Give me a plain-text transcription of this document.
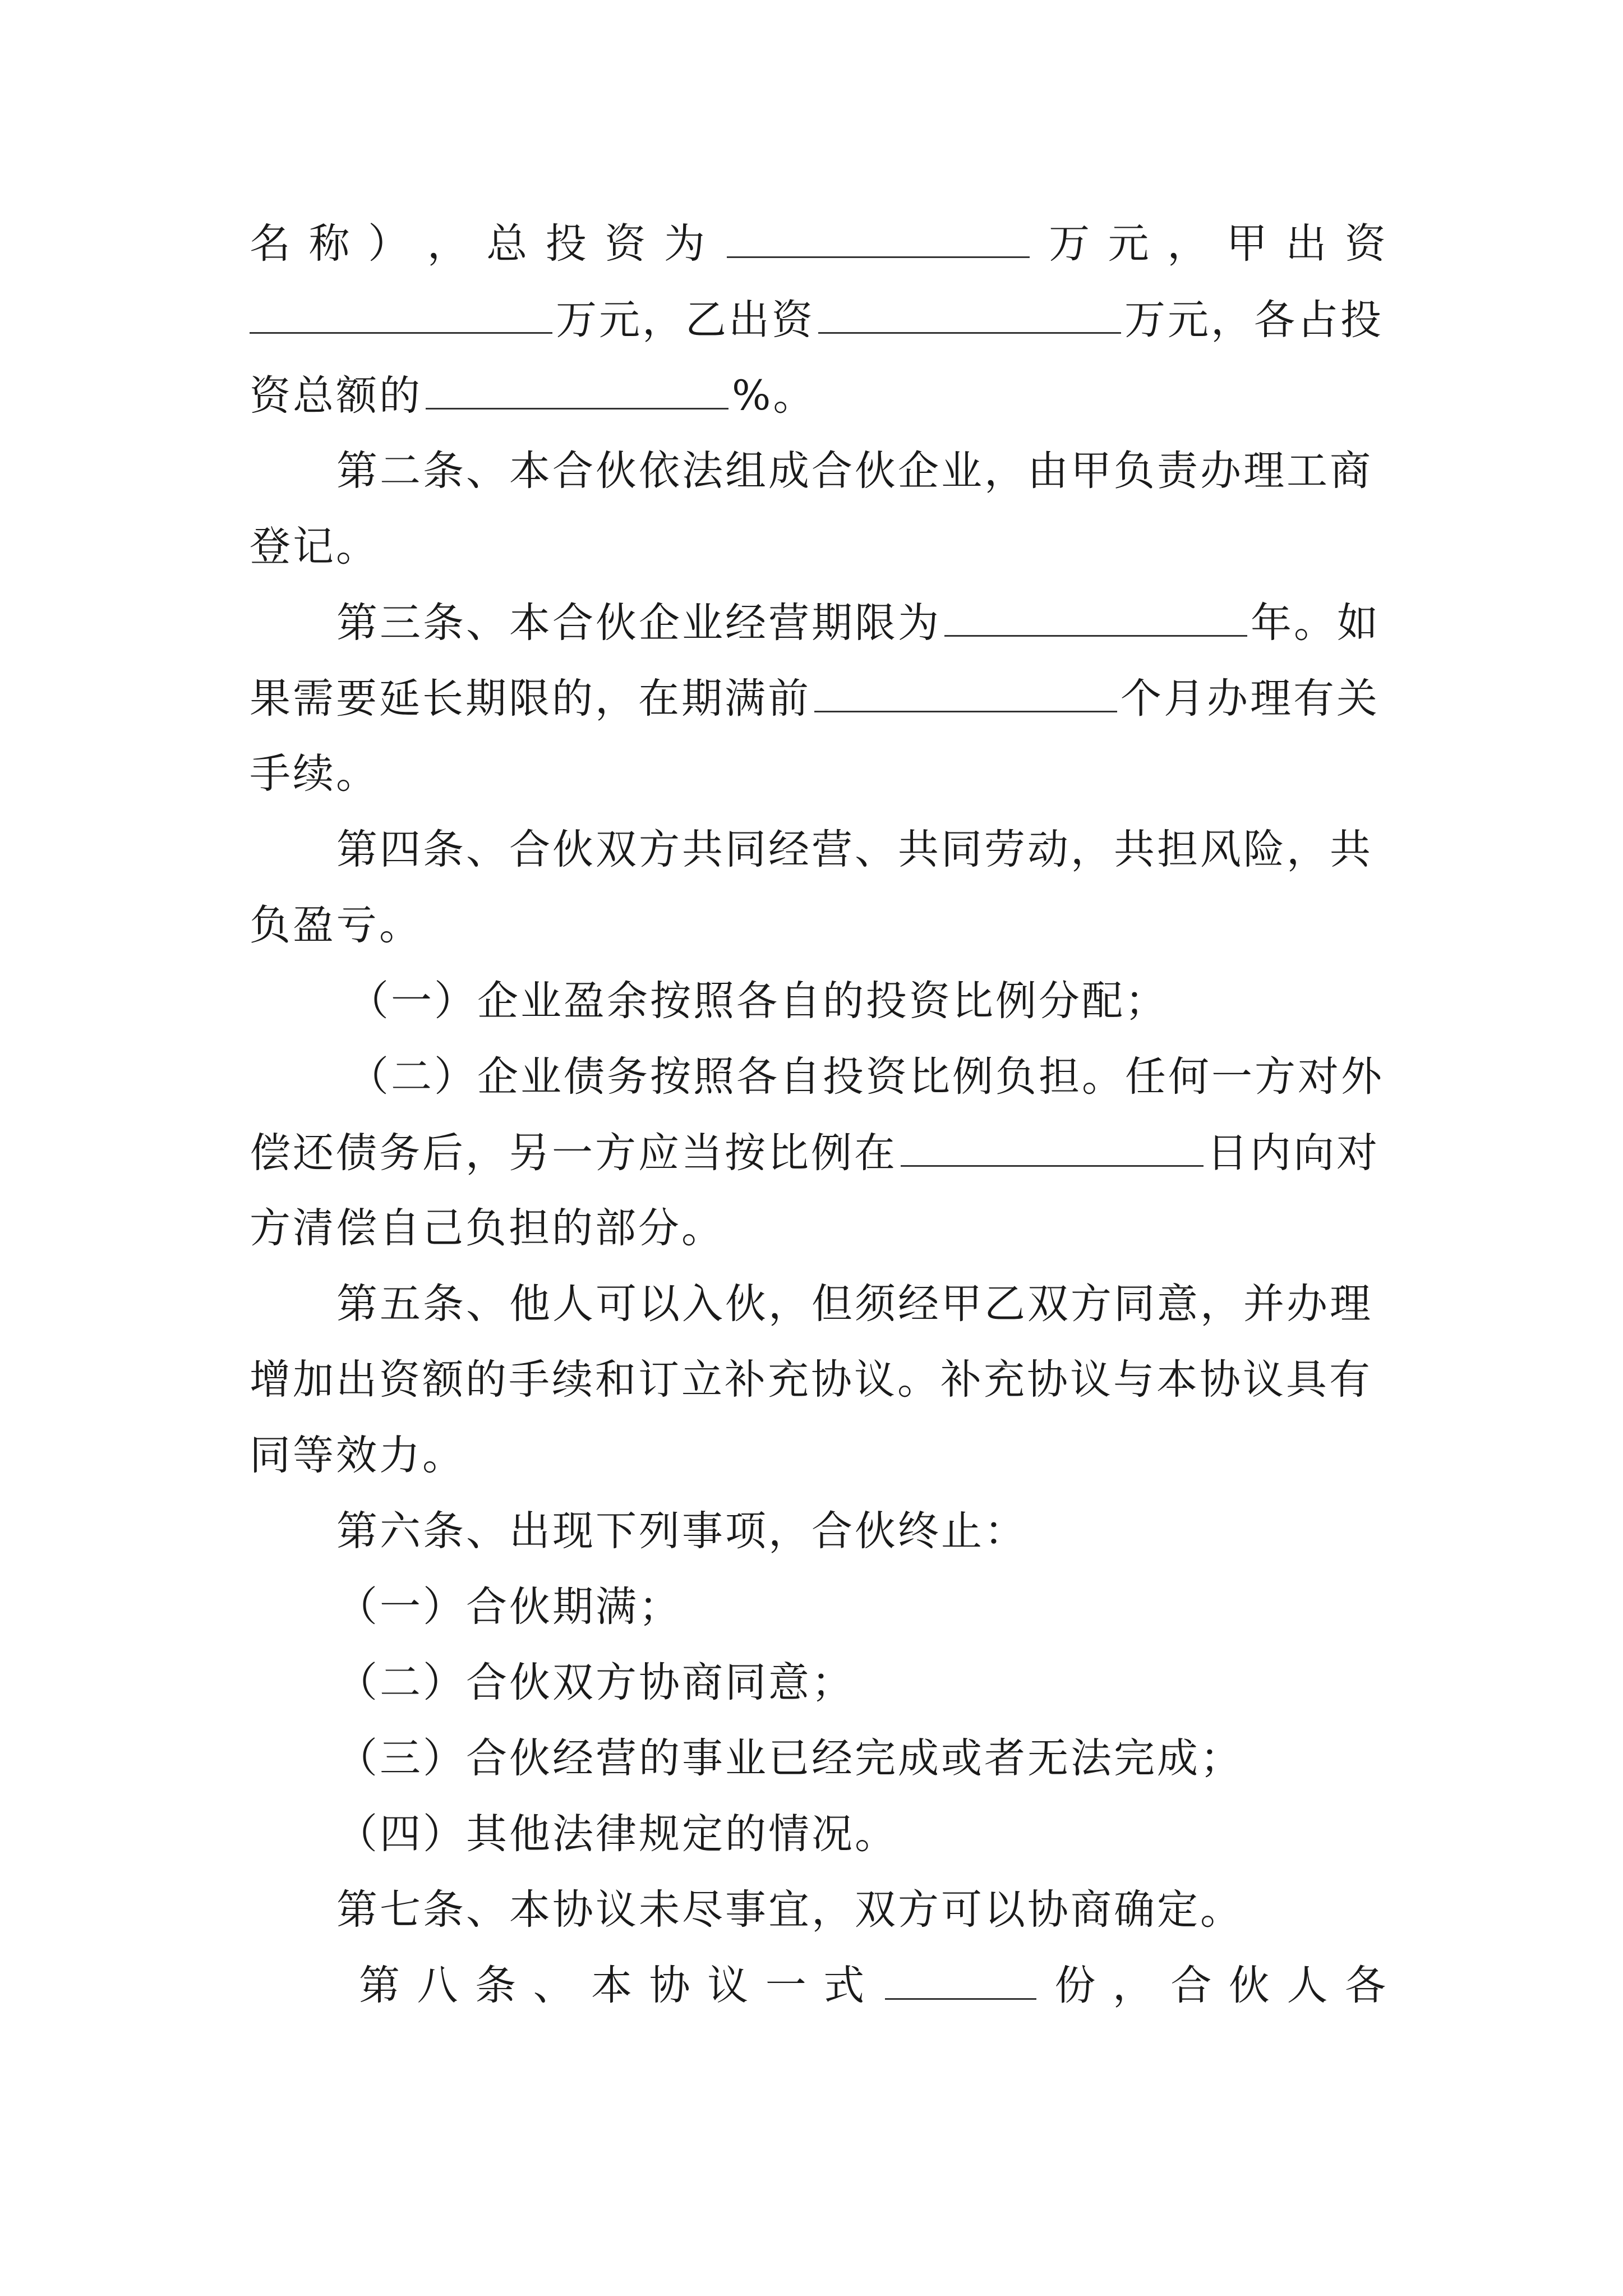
名 称 ） ， 总 投 资 为	万 元 ， 甲 出 资
万元，乙出资	万元，各占投
资总额的	%。
第二条、本合伙依法组成合伙企业，由甲负责办理工商
登记。
第三条、本合伙企业经营期限为	年。如
果需要延长期限的，在期满前	个月办理有关
手续。
第四条、合伙双方共同经营、共同劳动，共担风险，共
负盈亏。
（一）企业盈余按照各自的投资比例分配；
（二）企业债务按照各自投资比例负担。任何一方对外
偿还债务后，另一方应当按比例在	日内向对
方清偿自己负担的部分。
第五条、他人可以入伙，但须经甲乙双方同意，并办理
增加出资额的手续和订立补充协议。补充协议与本协议具有
同等效力。
第六条、出现下列事项，合伙终止：
（一）合伙期满；
（二）合伙双方协商同意；
（三）合伙经营的事业已经完成或者无法完成；
（四）其他法律规定的情况。
第七条、本协议未尽事宜，双方可以协商确定。
第 八 条 、 本 协 议 一 式	份 ， 合 伙 人 各
